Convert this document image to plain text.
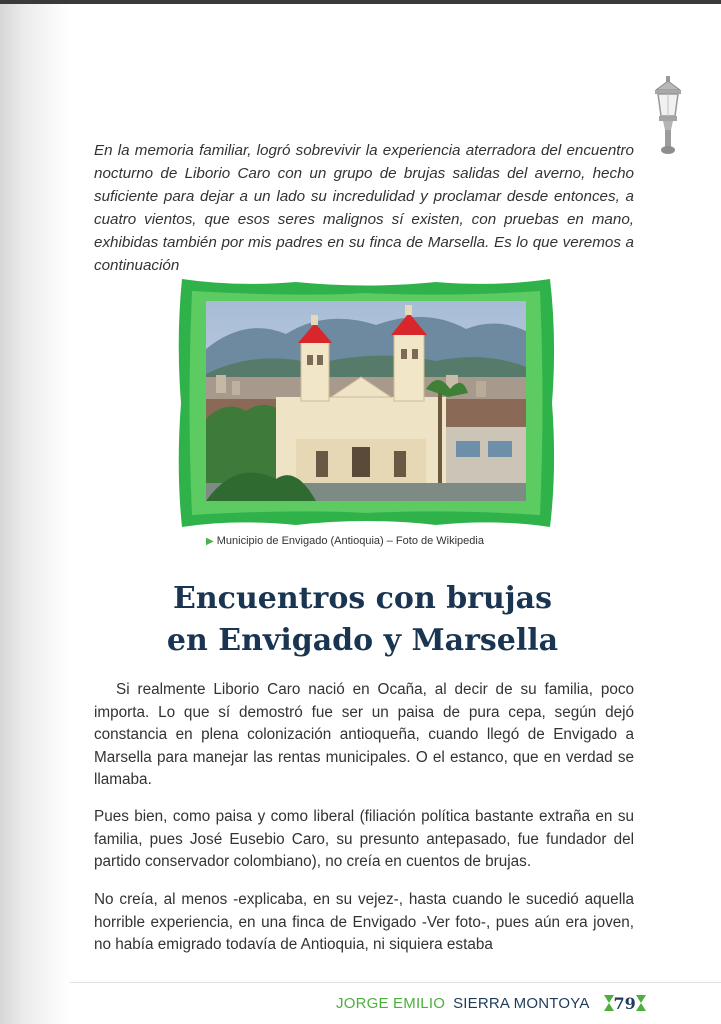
En la memoria familiar, logró sobrevivir la experiencia aterradora del encuentro nocturno de Liborio Caro con un grupo de brujas salidas del averno, hecho suficiente para dejar a un lado su incredulidad y proclamar desde entonces, a cuatro vientos, que esos seres malignos sí existen, con pruebas en mano, exhibidas también por mis padres en su finca de Marsella. Es lo que veremos a continuación

▶ Municipio de Envigado (Antioquia) – Foto de Wikipedia
Encuentros con brujas
en Envigado y Marsella

Si realmente Liborio Caro nació en Ocaña, al decir de su familia, poco importa. Lo que sí demostró fue ser un paisa de pura cepa, según dejó constancia en plena colonización antioqueña, cuando llegó de Envigado a Marsella para manejar las rentas municipales. O el estanco, que en verdad se llamaba.

Pues bien, como paisa y como liberal (filiación política bastante extraña en su familia, pues José Eusebio Caro, su presunto antepasado, fue fundador del partido conservador colombiano), no creía en cuentos de brujas.

No creía, al menos -explicaba, en su vejez-, hasta cuando le sucedió aquella horrible experiencia, en una finca de Envigado -Ver foto-, pues aún era joven, no había emigrado todavía de Antioquia, ni siquiera estaba

JORGE EMILIO SIERRA MONTOYA 79
